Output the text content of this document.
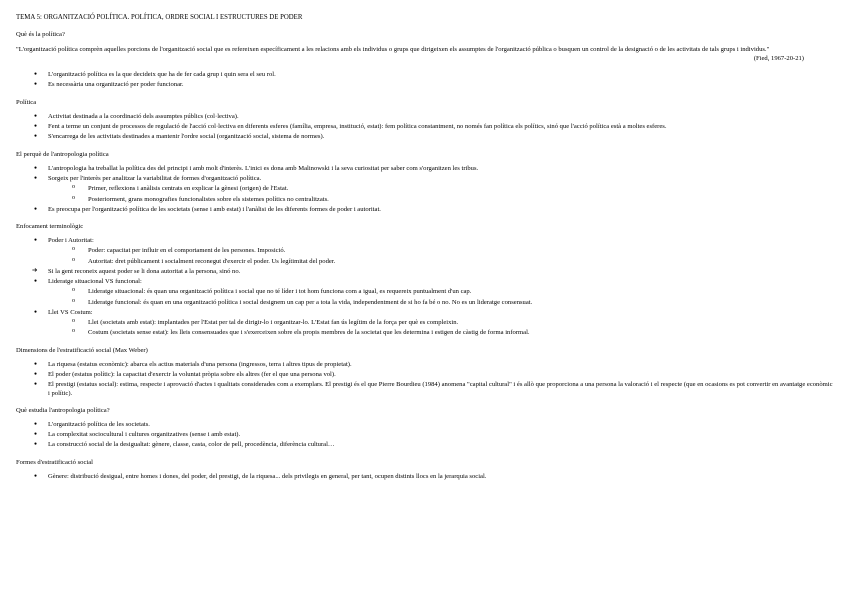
TEMA 5: ORGANITZACIÓ POLÍTICA. POLÍTICA, ORDRE SOCIAL I ESTRUCTURES DE PODER
Què és la política?
"L'organització política comprèn aquelles porcions de l'organització social que es refereixen específicament a les relacions amb els individus o grups que dirigeixen els assumptes de l'organització pública o busquen un control de la designació o de les activitats de tals grups i individus."
(Fied, 1967-20-21)
● L'organització política es la que decideix que ha de fer cada grup i quin sera el seu rol.
● Es necessària una organització per poder funcionar.
Política
● Activitat destinada a la coordinació dels assumptes públics (col·lectiva).
● Fent a terme un conjunt de processos de regulació de l'acció col·lectiva en diferents esferes (família, empresa, institució, estat): fem política constantment, no només fan política els polítics, sinó que l'acció política està a moltes esferes.
● S'encarrega de les activitats destinades a mantenir l'ordre social (organització social, sistema de normes).
El perquè de l'antropologia política
● L'antropologia ha treballat la política des del principi i amb molt d'interès. L'inici es dona amb Malinowski i la seva curiositat per saber com s'organitzen les tribus.
● Sorgeix per l'interès per analitzar la variabilitat de formes d'organització política.
o Primer, reflexions i anàlisis centrats en explicar la gènesi (origen) de l'Estat.
o Posteriorment, grans monografies funcionalistes sobre els sistemes polítics no centralitzats.
● Es preocupa per l'organització política de les societats (sense i amb estat) i l'anàlisi de les diferents formes de poder i autoritat.
Enfocament terminològic
● Poder i Autoritat:
o Poder: capacitat per influir en el comportament de les persones. Imposició.
o Autoritat: dret públicament i socialment reconegut d'exercir el poder. Us legítimitat del poder.
➔ Si la gent reconeix aquest poder se li dona autoritat a la persona, sinó no.
● Lideratge situacional VS funcional:
o Lideratge situacional: és quan una organització política i social que no té líder i tot hom funciona com a igual, es requereix puntualment d'un cap.
o Lideratge funcional: és quan en una organització política i social designem un cap per a tota la vida, independentment de si ho fa bé o no. No es un lideratge consensuat.
● Llei VS Costum:
o Llei (societats amb estat): implantades per l'Estat per tal de dirigir-lo i organitzar-lo. L'Estat fan ús legítim de la força per què es compleixin.
o Costum (societats sense estat): les lleis consensuades que i s'exerceixen sobre els propis membres de la societat que les determina i estigen de càstig de forma informal.
Dimensions de l'estratificació social (Max Weber)
● La riquesa (estatus econòmic): abarca els actius materials d'una persona (ingressos, terra i altres tipus de propietat).
● El poder (estatus polític): la capacitat d'exercir la voluntat pròpia sobre els altres (fer el que una persona vol).
● El prestigi (estatus social): estima, respecte i aprovació d'actes i qualitats considerades com a exemplars. El prestigi és el que Pierre Bourdieu (1984) anomena "capital cultural" i és allò que proporciona a una persona la valoració i el respecte (que en ocasions es pot convertir en avantatge econòmic i polític).
Què estudia l'antropologia política?
● L'organització política de les societats.
● La complexitat sociocultural i cultures organitzatives (sense i amb estat).
● La construcció social de la desigualtat: gènere, classe, casta, color de pell, procedència, diferència cultural…
Formes d'estratificació social
● Gènere: distribució desigual, entre homes i dones, del poder, del prestigi, de la riquesa... dels privilegis en general, per tant, ocupen distints llocs en la jerarquia social.
